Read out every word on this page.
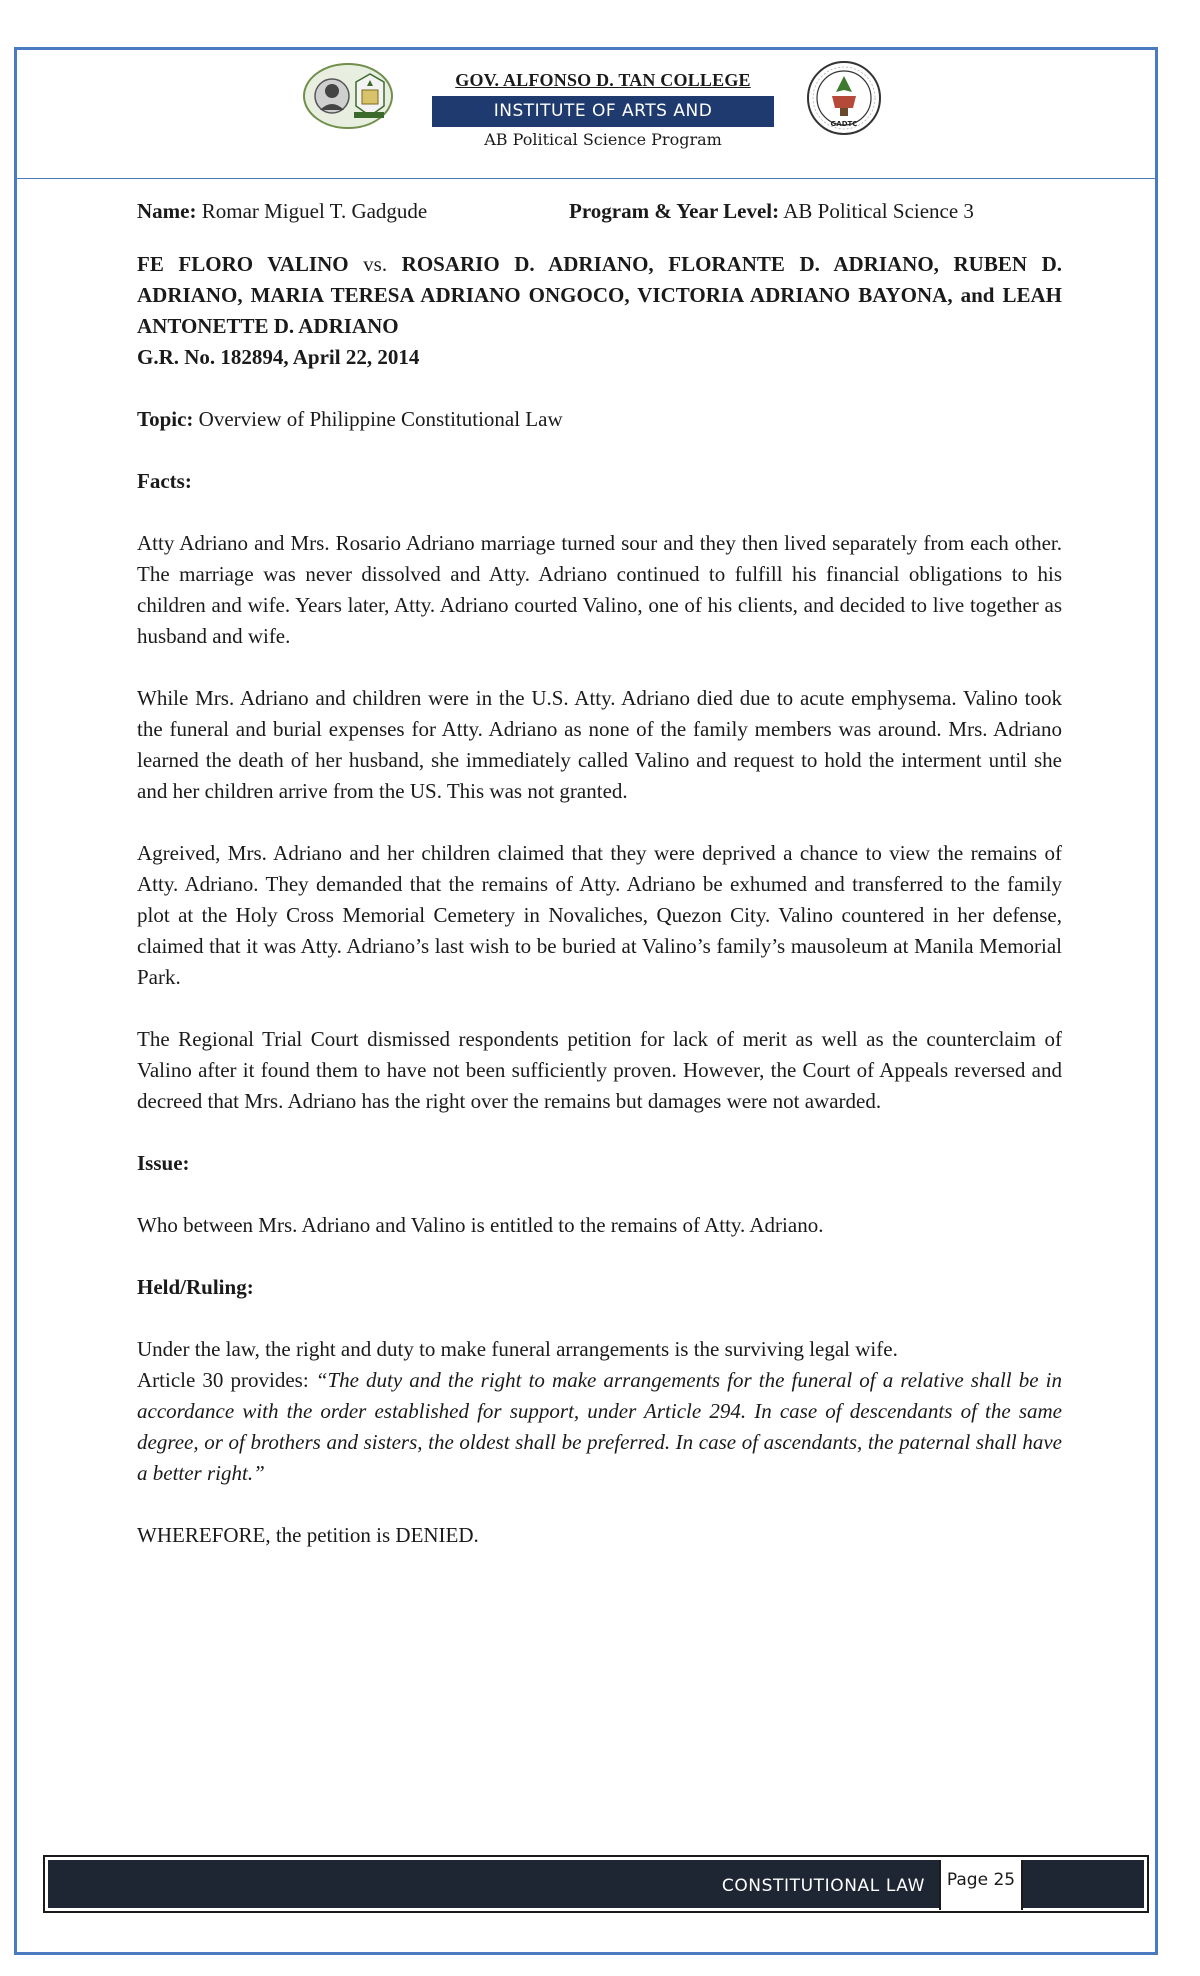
GOV. ALFONSO D. TAN COLLEGE
INSTITUTE OF ARTS AND
AB Political Science Program
GADTC
Name: Romar Miguel T. Gadgude	Program & Year Level: AB Political Science 3

FE FLORO VALINO vs. ROSARIO D. ADRIANO, FLORANTE D. ADRIANO, RUBEN D. ADRIANO, MARIA TERESA ADRIANO ONGOCO, VICTORIA ADRIANO BAYONA, and LEAH ANTONETTE D. ADRIANO

G.R. No. 182894, April 22, 2014

Topic: Overview of Philippine Constitutional Law

Facts:

Atty Adriano and Mrs. Rosario Adriano marriage turned sour and they then lived separately from each other. The marriage was never dissolved and Atty. Adriano continued to fulfill his financial obligations to his children and wife. Years later, Atty. Adriano courted Valino, one of his clients, and decided to live together as husband and wife.

While Mrs. Adriano and children were in the U.S. Atty. Adriano died due to acute emphysema. Valino took the funeral and burial expenses for Atty. Adriano as none of the family members was around. Mrs. Adriano learned the death of her husband, she immediately called Valino and request to hold the interment until she and her children arrive from the US. This was not granted.

Agreived, Mrs. Adriano and her children claimed that they were deprived a chance to view the remains of Atty. Adriano. They demanded that the remains of Atty. Adriano be exhumed and transferred to the family plot at the Holy Cross Memorial Cemetery in Novaliches, Quezon City. Valino countered in her defense, claimed that it was Atty. Adriano’s last wish to be buried at Valino’s family’s mausoleum at Manila Memorial Park.

The Regional Trial Court dismissed respondents petition for lack of merit as well as the counterclaim of Valino after it found them to have not been sufficiently proven. However, the Court of Appeals reversed and decreed that Mrs. Adriano has the right over the remains but damages were not awarded.

Issue:

Who between Mrs. Adriano and Valino is entitled to the remains of Atty. Adriano.

Held/Ruling:

Under the law, the right and duty to make funeral arrangements is the surviving legal wife.

Article 30 provides: “The duty and the right to make arrangements for the funeral of a relative shall be in accordance with the order established for support, under Article 294. In case of descendants of the same degree, or of brothers and sisters, the oldest shall be preferred. In case of ascendants, the paternal shall have a better right.”

WHEREFORE, the petition is DENIED.

CONSTITUTIONAL LAW	Page 25
